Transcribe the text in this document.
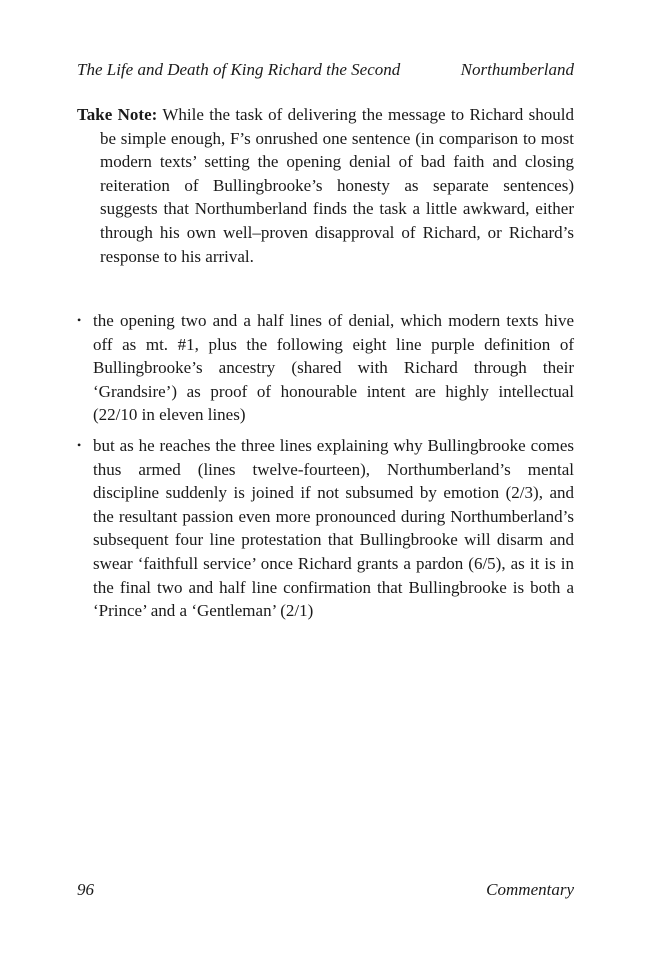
The Life and Death of King Richard the Second	Northumberland

Take Note: While the task of delivering the message to Richard should be simple enough, F’s onrushed one sentence (in comparison to most modern texts’ setting the opening denial of bad faith and closing reiteration of Bullingbrooke’s honesty as separate sentences) suggests that Northumberland finds the task a little awkward, either through his own well–proven disapproval of Richard, or Richard’s response to his arrival.

• the opening two and a half lines of denial, which modern texts hive off as mt. #1, plus the following eight line purple definition of Bullingbrooke’s ancestry (shared with Richard through their ‘Grandsire’) as proof of honourable intent are highly intellectual (22/10 in eleven lines)
• but as he reaches the three lines explaining why Bullingbrooke comes thus armed (lines twelve-fourteen), Northumberland’s mental discipline suddenly is joined if not subsumed by emotion (2/3), and the resultant passion even more pronounced during Northumberland’s subsequent four line protestation that Bullingbrooke will disarm and swear ‘faithfull service’ once Richard grants a pardon (6/5), as it is in the final two and half line confirmation that Bullingbrooke is both a ‘Prince’ and a ‘Gentleman’ (2/1)
96	Commentary
